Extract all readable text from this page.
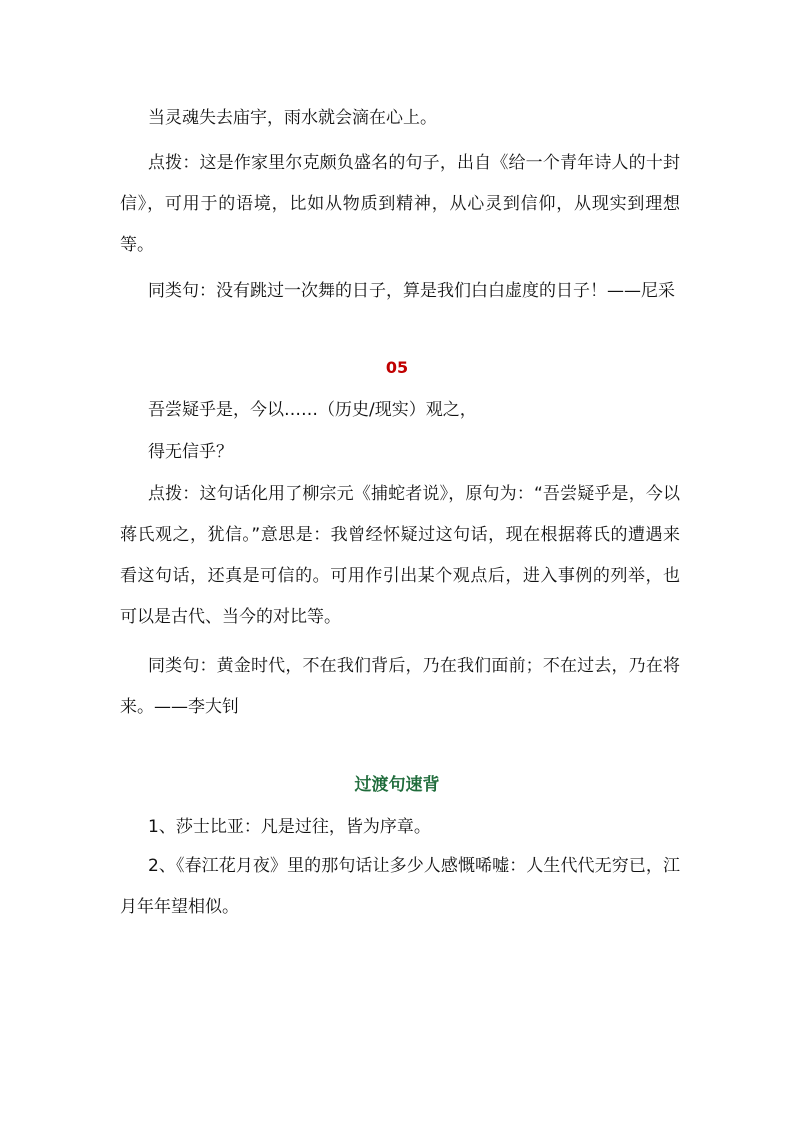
当灵魂失去庙宇，雨水就会滴在心上。

点拨：这是作家里尔克颇负盛名的句子，出自《给一个青年诗人的十封信》，可用于的语境，比如从物质到精神，从心灵到信仰，从现实到理想等。

同类句：没有跳过一次舞的日子，算是我们白白虚度的日子！——尼采

05

吾尝疑乎是，今以……（历史/现实）观之，

得无信乎？

点拨：这句话化用了柳宗元《捕蛇者说》，原句为：“吾尝疑乎是，今以蒋氏观之，犹信。”意思是：我曾经怀疑过这句话，现在根据蒋氏的遭遇来看这句话，还真是可信的。可用作引出某个观点后，进入事例的列举，也可以是古代、当今的对比等。

同类句：黄金时代，不在我们背后，乃在我们面前；不在过去，乃在将来。——李大钊

过渡句速背

1、莎士比亚：凡是过往，皆为序章。

2、《春江花月夜》里的那句话让多少人感慨唏嘘：人生代代无穷已，江月年年望相似。
